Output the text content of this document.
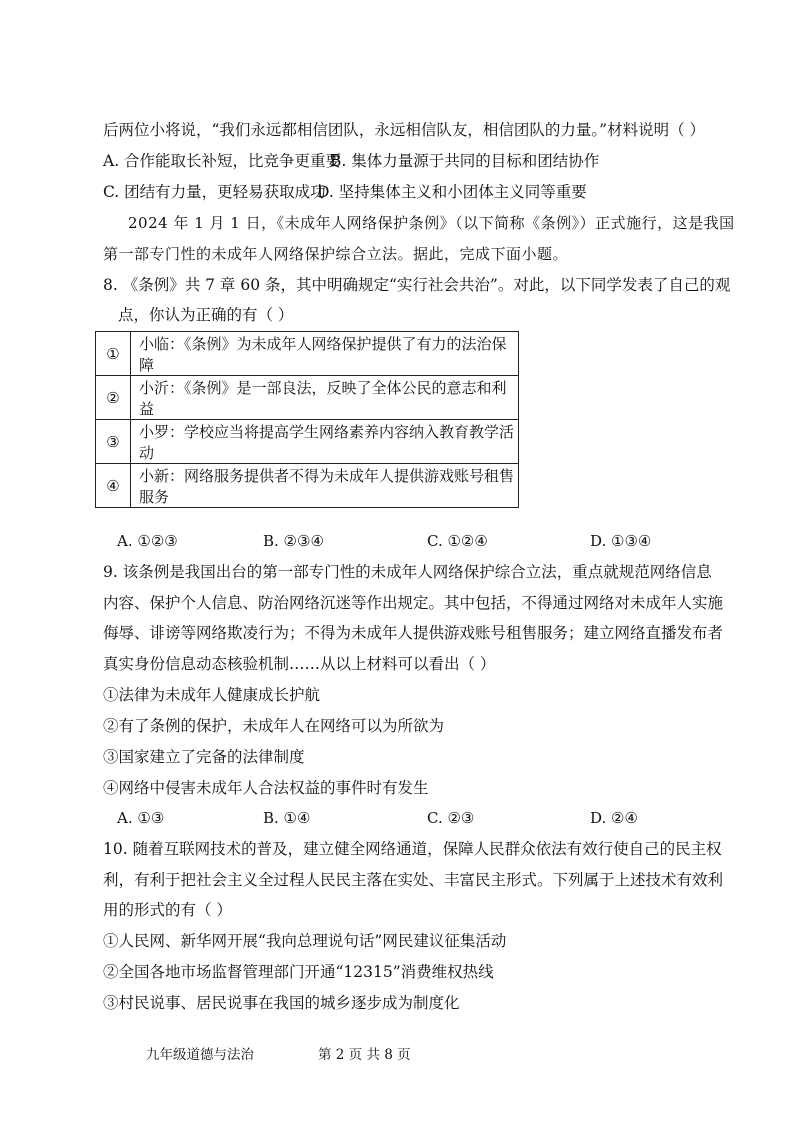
后两位小将说，“我们永远都相信团队，永远相信队友，相信团队的力量。”材料说明（ ）
A. 合作能取长补短，比竞争更重要
B. 集体力量源于共同的目标和团结协作
C. 团结有力量，更轻易获取成功
D. 坚持集体主义和小团体主义同等重要
2024 年 1 月 1 日，《未成年人网络保护条例》（以下简称《条例》）正式施行，这是我国
第一部专门性的未成年人网络保护综合立法。据此，完成下面小题。
8. 《条例》共 7 章 60 条，其中明确规定“实行社会共治”。对此，以下同学发表了自己的观
点，你认为正确的有（ ）
①	小临：《条例》为未成年人网络保护提供了有力的法治保障
②	小沂：《条例》是一部良法，反映了全体公民的意志和利益
③	小罗：学校应当将提高学生网络素养内容纳入教育教学活动
④	小新：网络服务提供者不得为未成年人提供游戏账号租售服务
A. ①②③	B. ②③④	C. ①②④	D. ①③④
9. 该条例是我国出台的第一部专门性的未成年人网络保护综合立法，重点就规范网络信息
内容、保护个人信息、防治网络沉迷等作出规定。其中包括，不得通过网络对未成年人实施
侮辱、诽谤等网络欺凌行为；不得为未成年人提供游戏账号租售服务；建立网络直播发布者
真实身份信息动态核验机制……从以上材料可以看出（ ）
①法律为未成年人健康成长护航
②有了条例的保护，未成年人在网络可以为所欲为
③国家建立了完备的法律制度
④网络中侵害未成年人合法权益的事件时有发生
A. ①③	B. ①④	C. ②③	D. ②④
10. 随着互联网技术的普及，建立健全网络通道，保障人民群众依法有效行使自己的民主权
利，有利于把社会主义全过程人民民主落在实处、丰富民主形式。下列属于上述技术有效利
用的形式的有（ ）
①人民网、新华网开展“我向总理说句话”网民建议征集活动
②全国各地市场监督管理部门开通“12315”消费维权热线
③村民说事、居民说事在我国的城乡逐步成为制度化
九年级道德与法治	第 2 页 共 8 页
